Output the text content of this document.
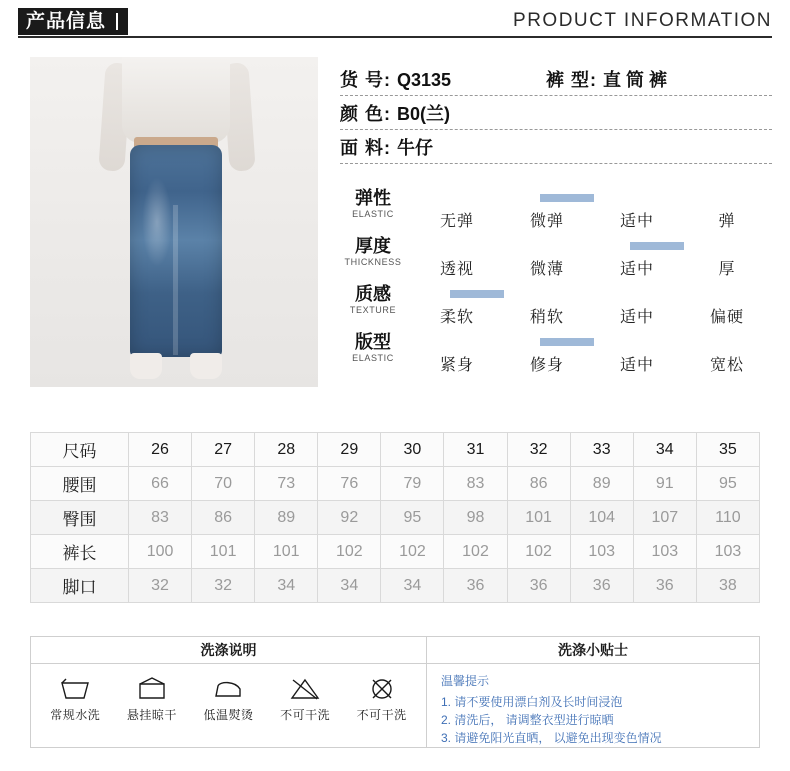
产品信息	PRODUCT INFORMATION
货 号: Q3135	裤 型: 直 筒 裤
颜 色: B0(兰)
面 料: 牛仔
弹性
ELASTIC	无弹	微弹	适中	弹
厚度
THICKNESS	透视	微薄	适中	厚
质感
TEXTURE	柔软	稍软	适中	偏硬
版型
ELASTIC	紧身	修身	适中	宽松
尺码	26	27	28	29	30	31	32	33	34	35
腰围	66	70	73	76	79	83	86	89	91	95
臀围	83	86	89	92	95	98	101	104	107	110
裤长	100	101	101	102	102	102	102	103	103	103
脚口	32	32	34	34	34	36	36	36	36	38
洗涤说明
常规水洗	悬挂晾干	低温熨烫	不可干洗	不可干洗
洗涤小贴士
温馨提示
1. 请不要使用漂白剂及长时间浸泡
2. 清洗后， 请调整衣型进行晾晒
3. 请避免阳光直晒， 以避免出现变色情况
